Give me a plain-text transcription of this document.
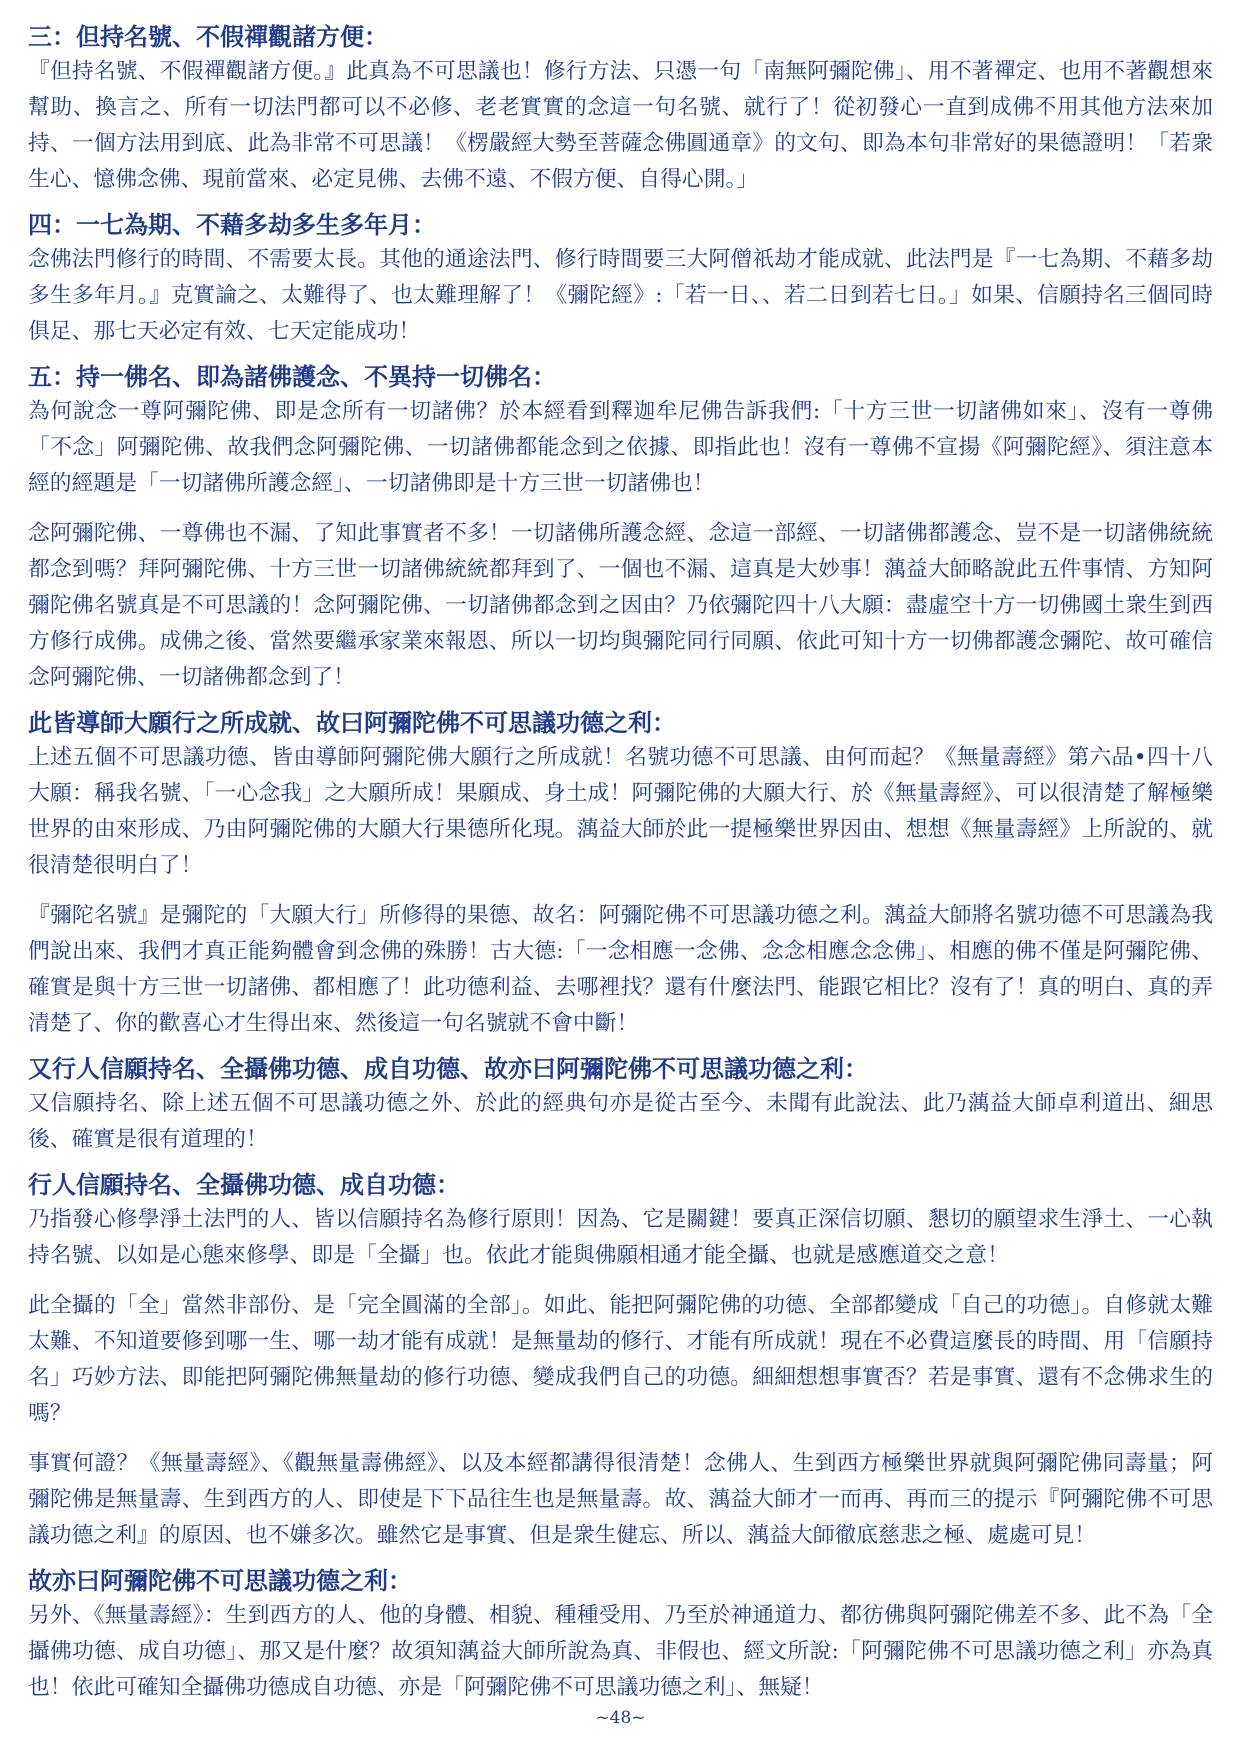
三：但持名號、不假禪觀諸方便：

『但持名號、不假禪觀諸方便。』此真為不可思議也！修行方法、只憑一句「南無阿彌陀佛」、用不著禪定、也用不著觀想來幫助、換言之、所有一切法門都可以不必修、老老實實的念這一句名號、就行了！從初發心一直到成佛不用其他方法來加持、一個方法用到底、此為非常不可思議！《楞嚴經大勢至菩薩念佛圓通章》的文句、即為本句非常好的果德證明！「若衆生心、憶佛念佛、現前當來、必定見佛、去佛不遠、不假方便、自得心開。」

四：一七為期、不藉多劫多生多年月：

念佛法門修行的時間、不需要太長。其他的通途法門、修行時間要三大阿僧祇劫才能成就、此法門是『一七為期、不藉多劫多生多年月。』克實論之、太難得了、也太難理解了！《彌陀經》:「若一日、、若二日到若七日。」如果、信願持名三個同時俱足、那七天必定有效、七天定能成功！

五：持一佛名、即為諸佛護念、不異持一切佛名：

為何說念一尊阿彌陀佛、即是念所有一切諸佛？於本經看到釋迦牟尼佛告訴我們:「十方三世一切諸佛如來」、沒有一尊佛「不念」阿彌陀佛、故我們念阿彌陀佛、一切諸佛都能念到之依據、即指此也！沒有一尊佛不宣揚《阿彌陀經》、須注意本經的經題是「一切諸佛所護念經」、一切諸佛即是十方三世一切諸佛也！

念阿彌陀佛、一尊佛也不漏、了知此事實者不多！一切諸佛所護念經、念這一部經、一切諸佛都護念、豈不是一切諸佛統統都念到嗎？拜阿彌陀佛、十方三世一切諸佛統統都拜到了、一個也不漏、這真是大妙事！蕅益大師略說此五件事情、方知阿彌陀佛名號真是不可思議的！念阿彌陀佛、一切諸佛都念到之因由？乃依彌陀四十八大願：盡虛空十方一切佛國土衆生到西方修行成佛。成佛之後、當然要繼承家業來報恩、所以一切均與彌陀同行同願、依此可知十方一切佛都護念彌陀、故可確信念阿彌陀佛、一切諸佛都念到了！

此皆導師大願行之所成就、故曰阿彌陀佛不可思議功德之利：

上述五個不可思議功德、皆由導師阿彌陀佛大願行之所成就！名號功德不可思議、由何而起？《無量壽經》第六品•四十八大願：稱我名號、「一心念我」之大願所成！果願成、身土成！阿彌陀佛的大願大行、於《無量壽經》、可以很清楚了解極樂世界的由來形成、乃由阿彌陀佛的大願大行果德所化現。蕅益大師於此一提極樂世界因由、想想《無量壽經》上所說的、就很清楚很明白了！

『彌陀名號』是彌陀的「大願大行」所修得的果德、故名：阿彌陀佛不可思議功德之利。蕅益大師將名號功德不可思議為我們說出來、我們才真正能夠體會到念佛的殊勝！古大德:「一念相應一念佛、念念相應念念佛」、相應的佛不僅是阿彌陀佛、確實是與十方三世一切諸佛、都相應了！此功德利益、去哪裡找？還有什麼法門、能跟它相比？沒有了！真的明白、真的弄清楚了、你的歡喜心才生得出來、然後這一句名號就不會中斷！

又行人信願持名、全攝佛功德、成自功德、故亦曰阿彌陀佛不可思議功德之利：

又信願持名、除上述五個不可思議功德之外、於此的經典句亦是從古至今、未聞有此說法、此乃蕅益大師卓利道出、細思後、確實是很有道理的！

行人信願持名、全攝佛功德、成自功德：

乃指發心修學淨土法門的人、皆以信願持名為修行原則！因為、它是關鍵！要真正深信切願、懇切的願望求生淨土、一心執持名號、以如是心態來修學、即是「全攝」也。依此才能與佛願相通才能全攝、也就是感應道交之意！

此全攝的「全」當然非部份、是「完全圓滿的全部」。如此、能把阿彌陀佛的功德、全部都變成「自己的功德」。自修就太難太難、不知道要修到哪一生、哪一劫才能有成就！是無量劫的修行、才能有所成就！現在不必費這麼長的時間、用「信願持名」巧妙方法、即能把阿彌陀佛無量劫的修行功德、變成我們自己的功德。細細想想事實否？若是事實、還有不念佛求生的嗎？

事實何證？《無量壽經》、《觀無量壽佛經》、以及本經都講得很清楚！念佛人、生到西方極樂世界就與阿彌陀佛同壽量；阿彌陀佛是無量壽、生到西方的人、即使是下下品往生也是無量壽。故、蕅益大師才一而再、再而三的提示『阿彌陀佛不可思議功德之利』的原因、也不嫌多次。雖然它是事實、但是衆生健忘、所以、蕅益大師徹底慈悲之極、處處可見！

故亦曰阿彌陀佛不可思議功德之利：

另外、《無量壽經》：生到西方的人、他的身體、相貌、種種受用、乃至於神通道力、都彷佛與阿彌陀佛差不多、此不為「全攝佛功德、成自功德」、那又是什麼？故須知蕅益大師所說為真、非假也、經文所說:「阿彌陀佛不可思議功德之利」亦為真也！依此可確知全攝佛功德成自功德、亦是「阿彌陀佛不可思議功德之利」、無疑！

~48~
